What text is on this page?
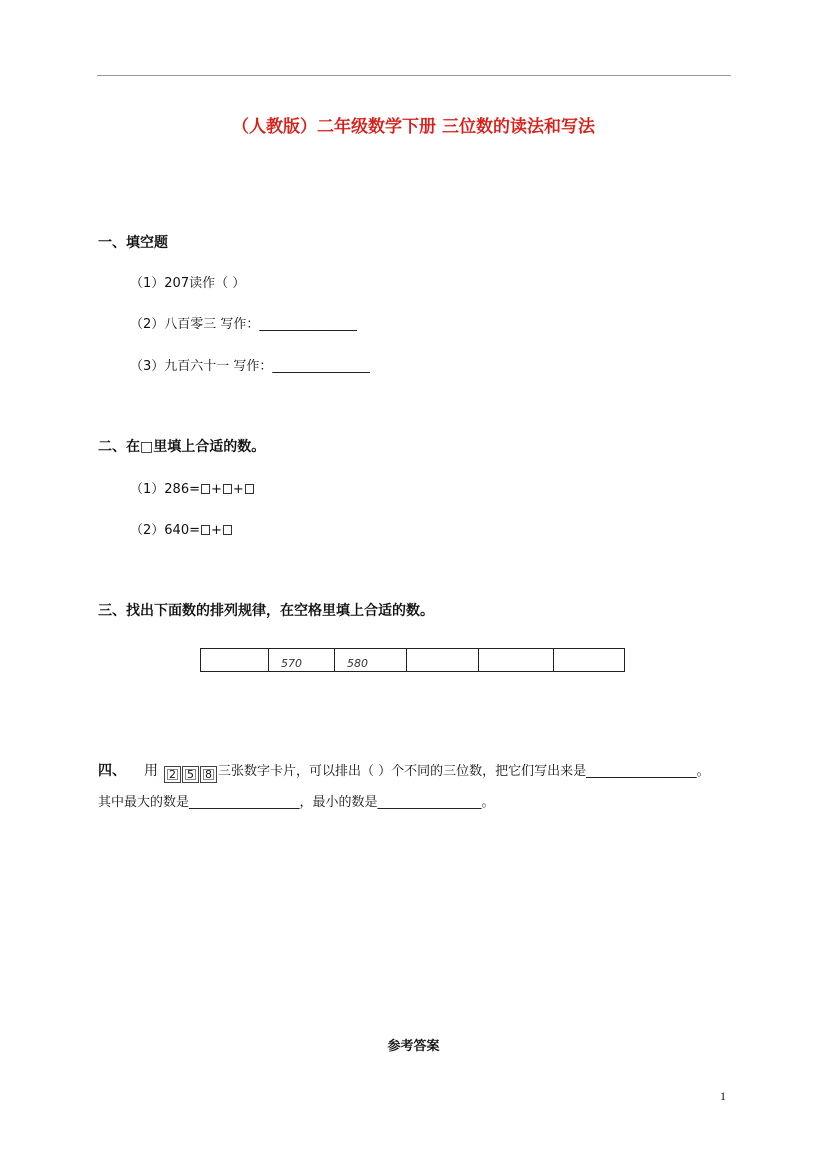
（人教版）二年级数学下册 三位数的读法和写法
一、填空题
（1）207读作（ ）
（2）八百零三 写作：_______________
（3）九百六十一 写作：_______________
二、在□里填上合适的数。
（1）286= + +
（2）640= +
三、找出下面数的排列规律，在空格里填上合适的数。
	570	580			
四、 用 2 5 8 三张数字卡片，可以排出（ ）个不同的三位数，把它们写出来是_________________。
其中最大的数是_________________，最小的数是________________。
参考答案
1
